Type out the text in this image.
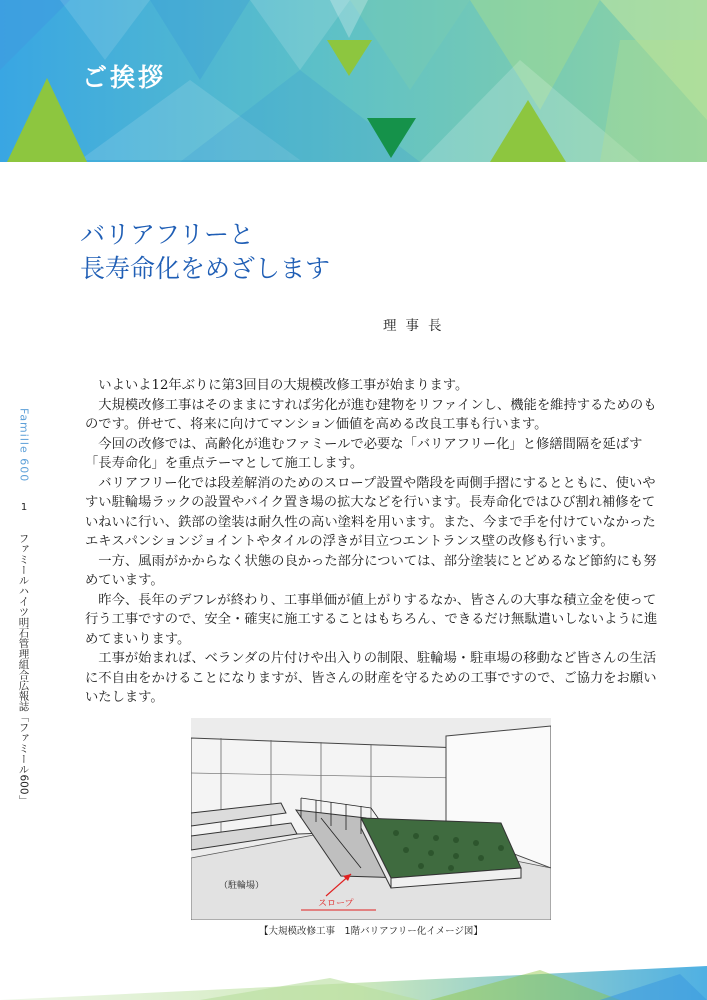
ご挨拶
バリアフリーと
長寿命化をめざします
理事長
Famille 600
1
ファミールハイツ明石管理組合広報誌「ファミール600」

いよいよ12年ぶりに第3回目の大規模改修工事が始まります。

大規模改修工事はそのままにすれば劣化が進む建物をリファインし、機能を維持するためのものです。併せて、将来に向けてマンション価値を高める改良工事も行います。

今回の改修では、高齢化が進むファミールで必要な「バリアフリー化」と修繕間隔を延ばす「長寿命化」を重点テーマとして施工します。

バリアフリー化では段差解消のためのスロープ設置や階段を両側手摺にするとともに、使いやすい駐輪場ラックの設置やバイク置き場の拡大などを行います。長寿命化ではひび割れ補修をていねいに行い、鉄部の塗装は耐久性の高い塗料を用います。また、今まで手を付けていなかったエキスパンションジョイントやタイルの浮きが目立つエントランス壁の改修も行います。

一方、風雨がかからなく状態の良かった部分については、部分塗装にとどめるなど節約にも努めています。

昨今、長年のデフレが終わり、工事単価が値上がりするなか、皆さんの大事な積立金を使って行う工事ですので、安全・確実に施工することはもちろん、できるだけ無駄遣いしないように進めてまいります。

工事が始まれば、ベランダの片付けや出入りの制限、駐輪場・駐車場の移動など皆さんの生活に不自由をかけることになりますが、皆さんの財産を守るための工事ですので、ご協力をお願いいたします。

（駐輪場）
スロープ
【大規模改修工事　1階バリアフリー化イメージ図】
